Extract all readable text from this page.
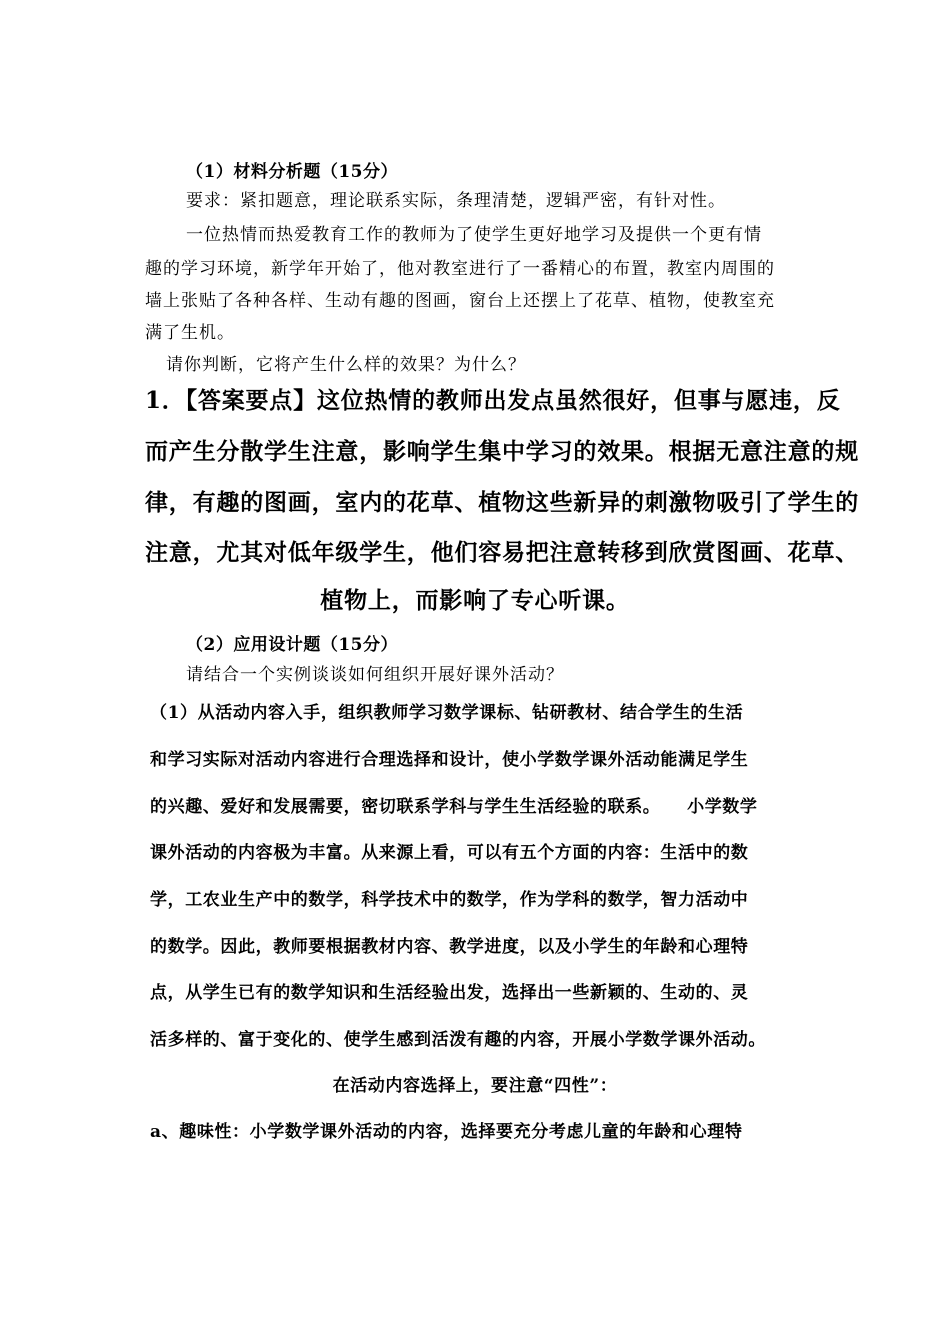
（1）材料分析题（15分）

要求：紧扣题意，理论联系实际，条理清楚，逻辑严密，有针对性。

一位热情而热爱教育工作的教师为了使学生更好地学习及提供一个更有情

趣的学习环境，新学年开始了，他对教室进行了一番精心的布置，教室内周围的

墙上张贴了各种各样、生动有趣的图画，窗台上还摆上了花草、植物，使教室充

满了生机。

请你判断，它将产生什么样的效果？为什么？

1．【答案要点】这位热情的教师出发点虽然很好，但事与愿违，反

而产生分散学生注意，影响学生集中学习的效果。根据无意注意的规

律，有趣的图画，室内的花草、植物这些新异的刺激物吸引了学生的

注意，尤其对低年级学生，他们容易把注意转移到欣赏图画、花草、

植物上，而影响了专心听课。

（2）应用设计题（15分）

请结合一个实例谈谈如何组织开展好课外活动？

（1）从活动内容入手，组织教师学习数学课标、钻研教材、结合学生的生活

和学习实际对活动内容进行合理选择和设计，使小学数学课外活动能满足学生

的兴趣、爱好和发展需要，密切联系学科与学生生活经验的联系。　　小学数学

课外活动的内容极为丰富。从来源上看，可以有五个方面的内容：生活中的数

学，工农业生产中的数学，科学技术中的数学，作为学科的数学，智力活动中

的数学。因此，教师要根据教材内容、教学进度，以及小学生的年龄和心理特

点，从学生已有的数学知识和生活经验出发，选择出一些新颖的、生动的、灵

活多样的、富于变化的、使学生感到活泼有趣的内容，开展小学数学课外活动。

在活动内容选择上，要注意“四性”：

a、趣味性：小学数学课外活动的内容，选择要充分考虑儿童的年龄和心理特
